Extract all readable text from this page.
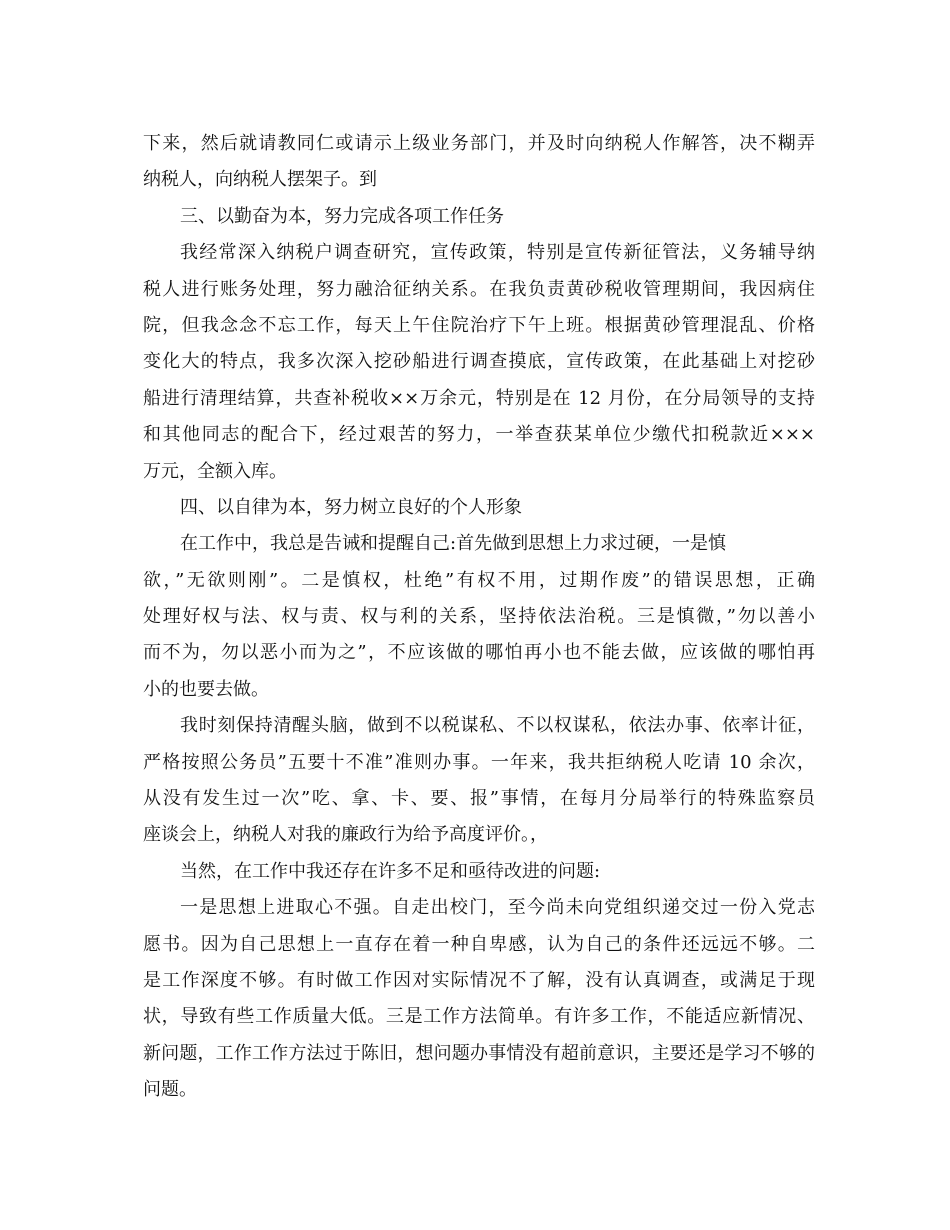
下来，然后就请教同仁或请示上级业务部门，并及时向纳税人作解答，决不糊弄
纳税人，向纳税人摆架子。到
三、以勤奋为本，努力完成各项工作任务
我经常深入纳税户调查研究，宣传政策，特别是宣传新征管法，义务辅导纳
税人进行账务处理，努力融洽征纳关系。在我负责黄砂税收管理期间，我因病住
院，但我念念不忘工作，每天上午住院治疗下午上班。根据黄砂管理混乱、价格
变化大的特点，我多次深入挖砂船进行调查摸底，宣传政策，在此基础上对挖砂
船进行清理结算，共查补税收××万余元，特别是在 12 月份，在分局领导的支持
和其他同志的配合下，经过艰苦的努力，一举查获某单位少缴代扣税款近×××
万元，全额入库。
四、以自律为本，努力树立良好的个人形象
在工作中，我总是告诫和提醒自己:首先做到思想上力求过硬，一是慎
欲，”无欲则刚”。二是慎权，杜绝”有权不用，过期作废”的错误思想，正确
处理好权与法、权与责、权与利的关系，坚持依法治税。三是慎微，”勿以善小
而不为，勿以恶小而为之”，不应该做的哪怕再小也不能去做，应该做的哪怕再
小的也要去做。
我时刻保持清醒头脑，做到不以税谋私、不以权谋私，依法办事、依率计征，
严格按照公务员”五要十不准”准则办事。一年来，我共拒纳税人吃请 10 余次，
从没有发生过一次”吃、拿、卡、要、报”事情，在每月分局举行的特殊监察员
座谈会上，纳税人对我的廉政行为给予高度评价。，
当然，在工作中我还存在许多不足和亟待改进的问题:
一是思想上进取心不强。自走出校门，至今尚未向党组织递交过一份入党志
愿书。因为自己思想上一直存在着一种自卑感，认为自己的条件还远远不够。二
是工作深度不够。有时做工作因对实际情况不了解，没有认真调查，或满足于现
状，导致有些工作质量大低。三是工作方法简单。有许多工作，不能适应新情况、
新问题，工作工作方法过于陈旧，想问题办事情没有超前意识，主要还是学习不够的
问题。
